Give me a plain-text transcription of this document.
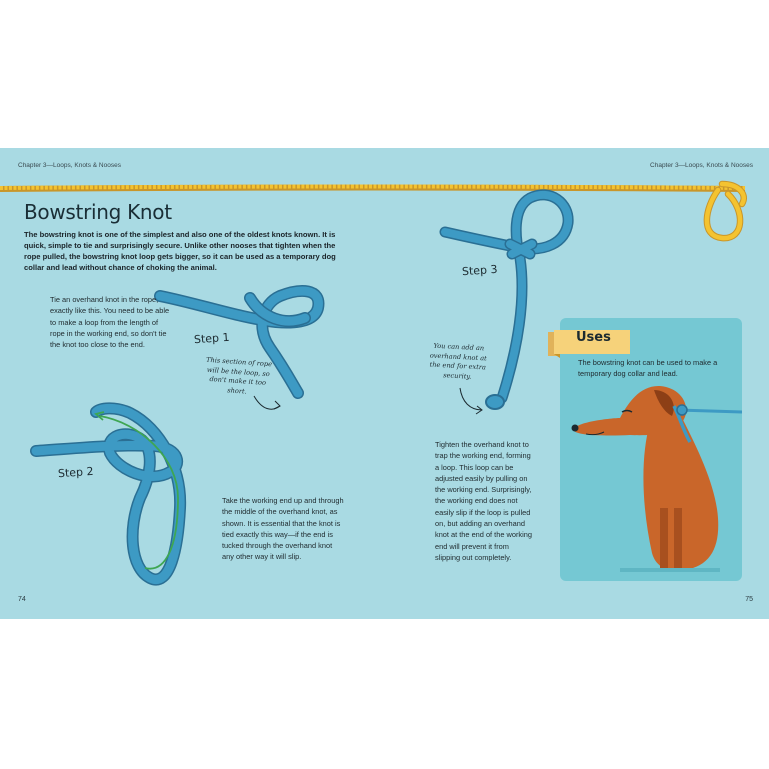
Chapter 3—Loops, Knots & Nooses	Chapter 3—Loops, Knots & Nooses
Bowstring Knot

The bowstring knot is one of the simplest and also one of the oldest knots known. It is quick, simple to tie and surprisingly secure. Unlike other nooses that tighten when the rope pulled, the bowstring knot loop gets bigger, so it can be used as a temporary dog collar and lead without chance of choking the animal.

Tie an overhand knot in the rope, exactly like this. You need to be able to make a loop from the length of rope in the working end, so don't tie the knot too close to the end.	Step 1

This section of rope will be the loop, so don't make it too short.

Step 2

Take the working end up and through the middle of the overhand knot, as shown. It is essential that the knot is tied exactly this way—if the end is tucked through the overhand knot any other way it will slip.

Step 3

You can add an overhand knot at the end for extra security.

Tighten the overhand knot to trap the working end, forming a loop. This loop can be adjusted easily by pulling on the working end. Surprisingly, the working end does not easily slip if the loop is pulled on, but adding an overhand knot at the end of the working end will prevent it from slipping out completely.

The bowstring knot can be used to make a temporary dog collar and lead.

Uses
74	75
